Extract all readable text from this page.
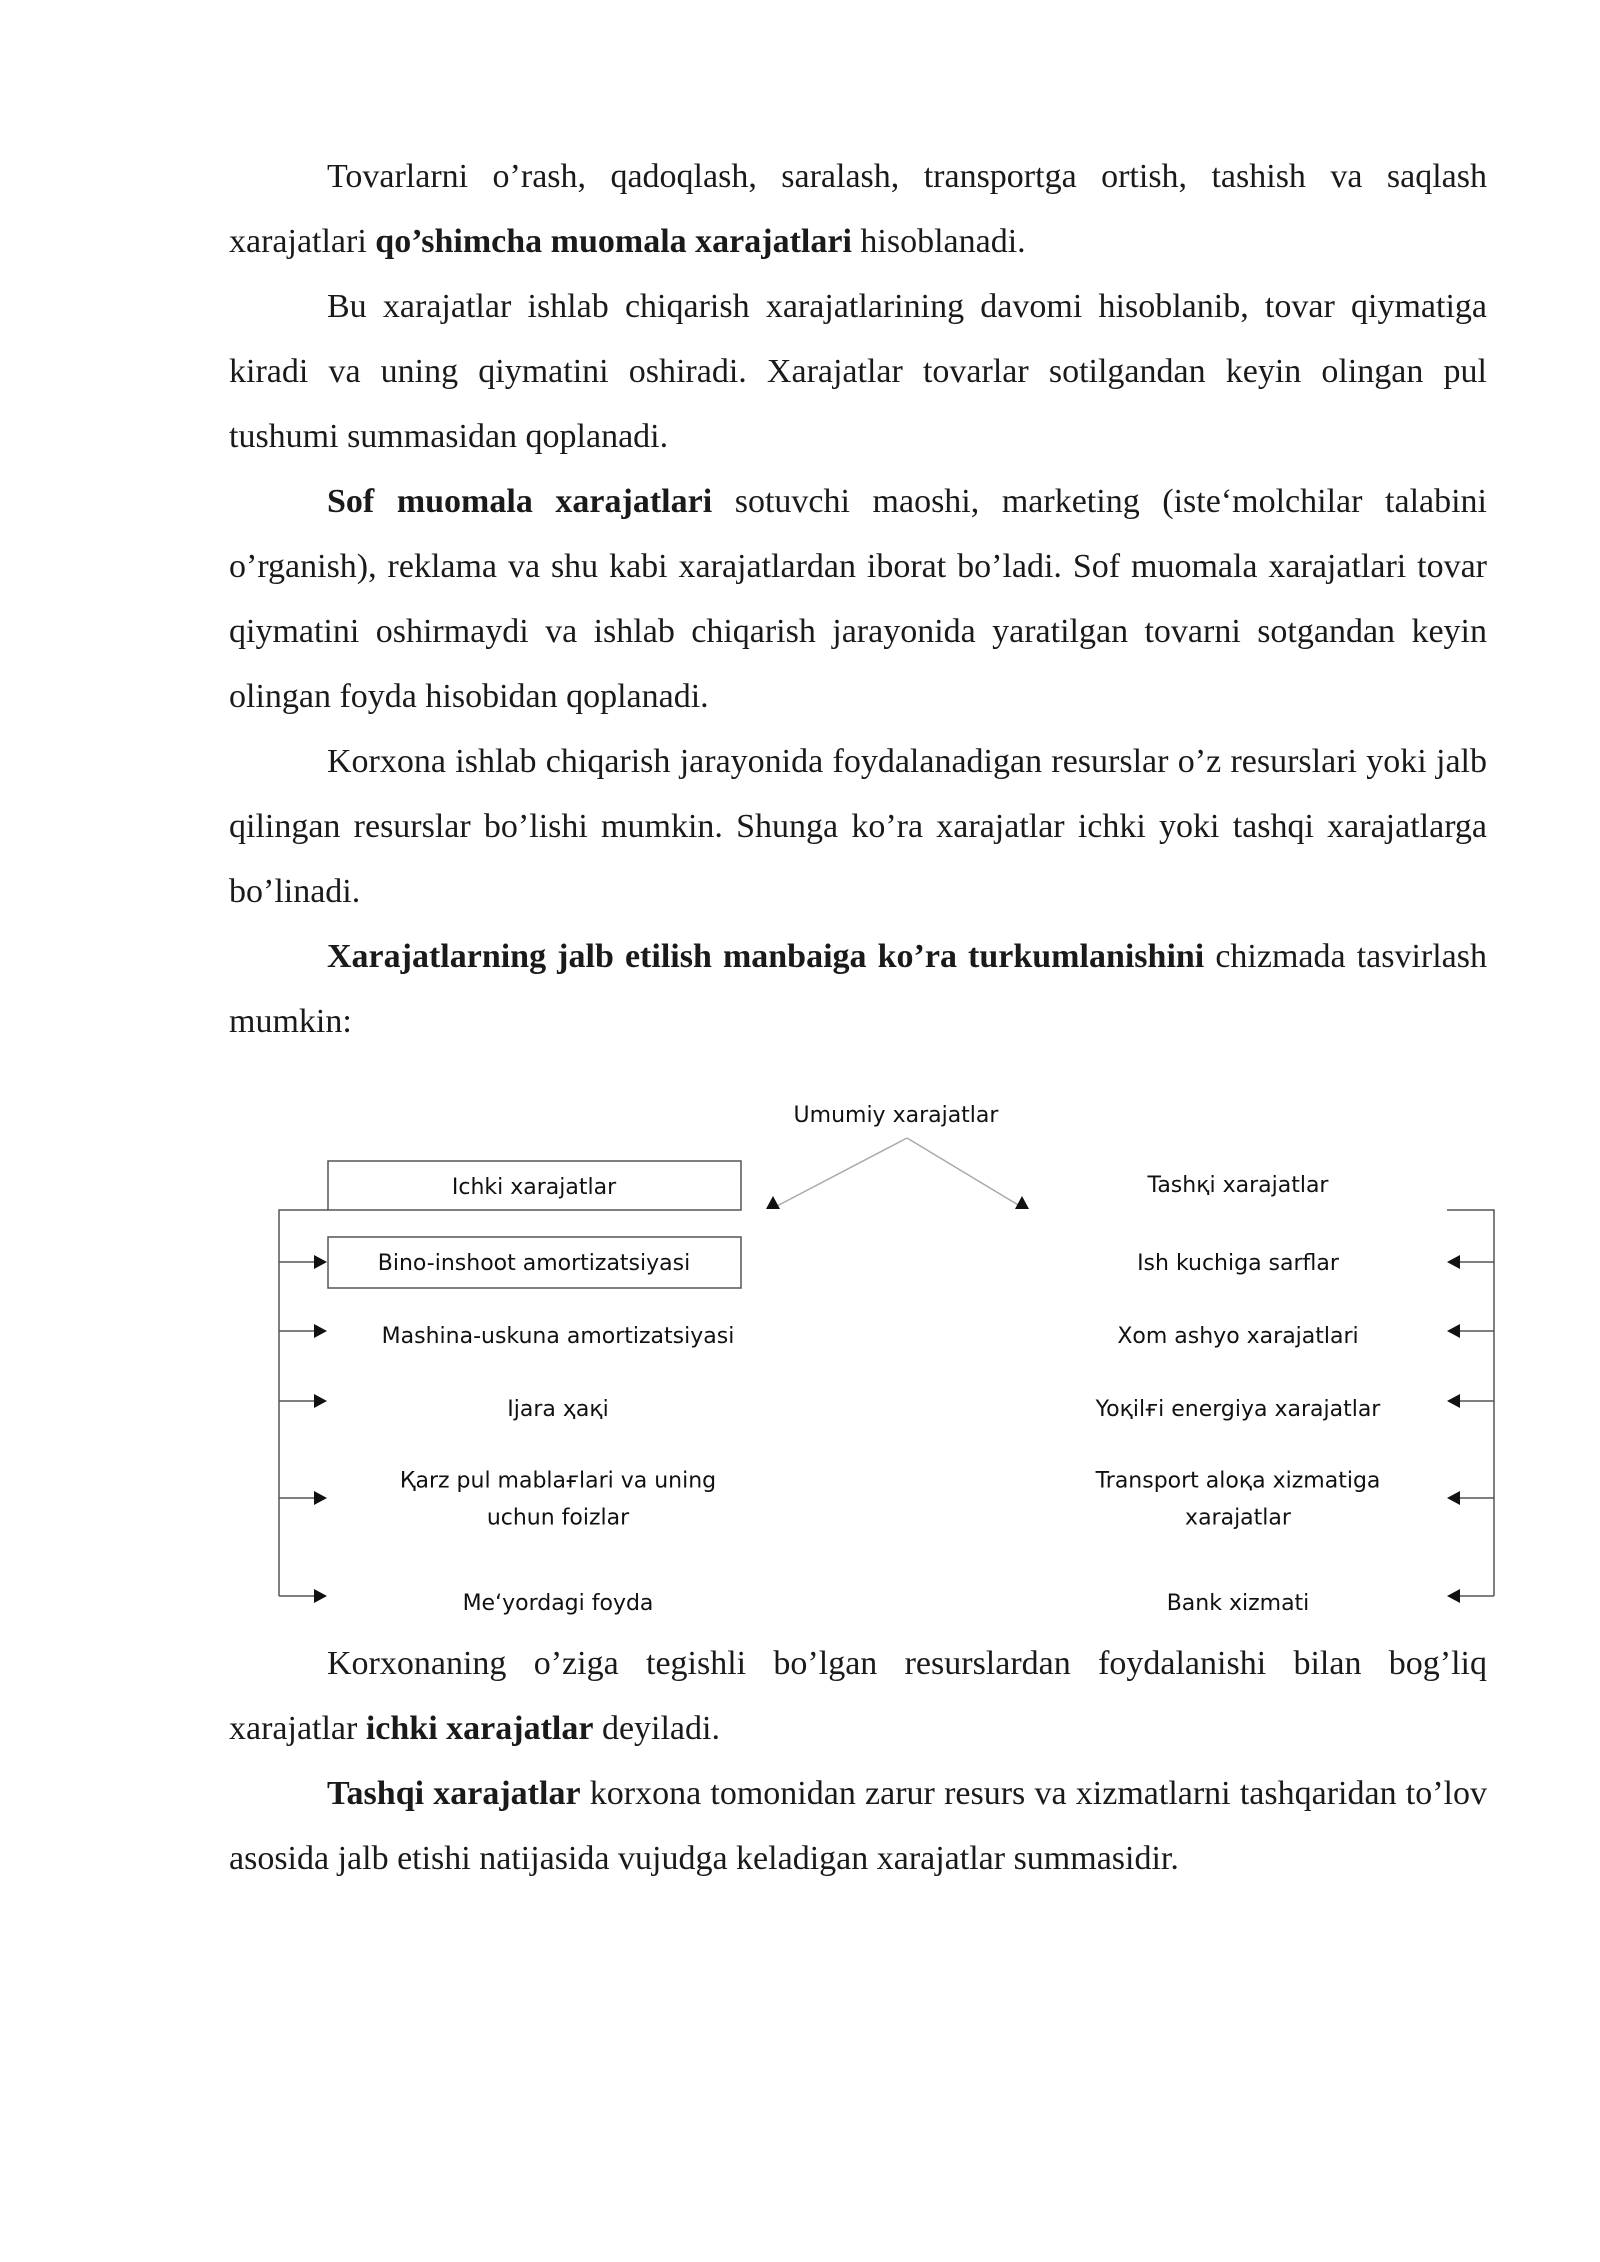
Tovarlarni o’rash, qadoqlash, saralash, transportga ortish, tashish va saqlash xarajatlari qo’shimcha muomala xarajatlari hisoblanadi.

Bu xarajatlar ishlab chiqarish xarajatlarining davomi hisoblanib, tovar qiymatiga kiradi va uning qiymatini oshiradi. Xarajatlar tovarlar sotilgandan keyin olingan pul tushumi summasidan qoplanadi.

Sof muomala xarajatlari sotuvchi maoshi, marketing (iste‘molchilar talabini o’rganish), reklama va shu kabi xarajatlardan iborat bo’ladi. Sof muomala xarajatlari tovar qiymatini oshirmaydi va ishlab chiqarish jarayonida yaratilgan tovarni sotgandan keyin olingan foyda hisobidan qoplanadi.

Korxona ishlab chiqarish jarayonida foydalanadigan resurslar o’z resurslari yoki jalb qilingan resurslar bo’lishi mumkin. Shunga ko’ra xarajatlar ichki yoki tashqi xarajatlarga bo’linadi.

Xarajatlarning jalb etilish manbaiga ko’ra turkumlanishini chizmada tasvirlash mumkin:

Umumiy xarajatlar
Ichki xarajatlar	Tashқi xarajatlar
Bino-inshoot amortizatsiyasi
Mashina-uskuna amortizatsiyasi
Ijara ҳaқi
Қarz pul mablaғlari va uning
uchun foizlar
Me‘yordagi foyda
Ish kuchiga sarflar
Xom ashyo xarajatlari
Yoқilғi energiya xarajatlar
Transport aloқa xizmatiga
xarajatlar
Bank xizmati

Korxonaning o’ziga tegishli bo’lgan resurslardan foydalanishi bilan bog’liq xarajatlar ichki xarajatlar deyiladi.

Tashqi xarajatlar korxona tomonidan zarur resurs va xizmatlarni tashqaridan to’lov asosida jalb etishi natijasida vujudga keladigan xarajatlar summasidir.
